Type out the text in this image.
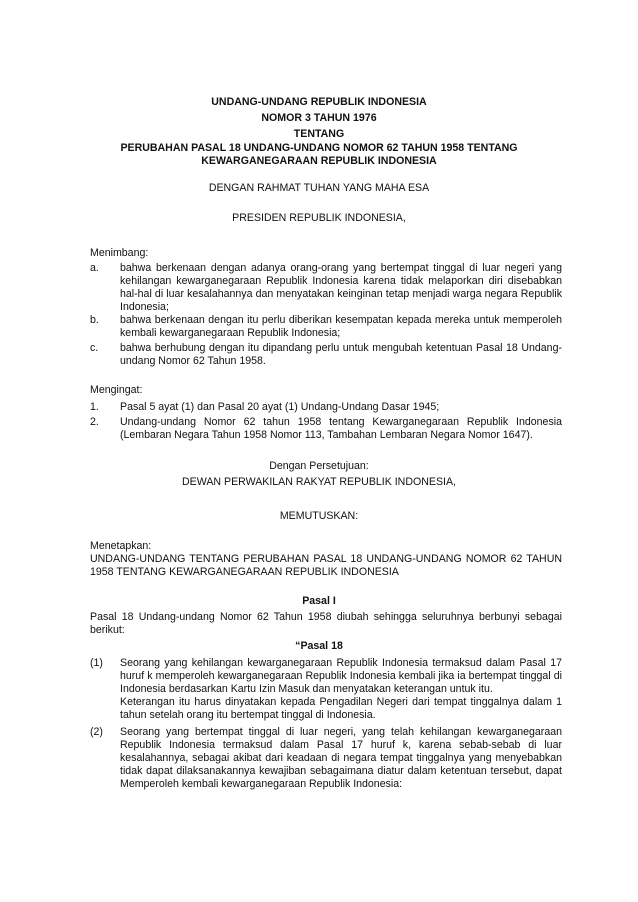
UNDANG-UNDANG REPUBLIK INDONESIA
NOMOR 3 TAHUN 1976
TENTANG
PERUBAHAN PASAL 18 UNDANG-UNDANG NOMOR 62 TAHUN 1958 TENTANG
KEWARGANEGARAAN REPUBLIK INDONESIA
DENGAN RAHMAT TUHAN YANG MAHA ESA
PRESIDEN REPUBLIK INDONESIA,
Menimbang:
a. bahwa berkenaan dengan adanya orang-orang yang bertempat tinggal di luar negeri yang kehilangan kewarganegaraan Republik Indonesia karena tidak melaporkan diri disebabkan hal-hal di luar kesalahannya dan menyatakan keinginan tetap menjadi warga negara Republik Indonesia;
b. bahwa berkenaan dengan itu perlu diberikan kesempatan kepada mereka untuk memperoleh kembali kewarganegaraan Republik Indonesia;
c. bahwa berhubung dengan itu dipandang perlu untuk mengubah ketentuan Pasal 18 Undang-undang Nomor 62 Tahun 1958.
Mengingat:
1. Pasal 5 ayat (1) dan Pasal 20 ayat (1) Undang-Undang Dasar 1945;
2. Undang-undang Nomor 62 tahun 1958 tentang Kewarganegaraan Republik Indonesia (Lembaran Negara Tahun 1958 Nomor 113, Tambahan Lembaran Negara Nomor 1647).
Dengan Persetujuan:
DEWAN PERWAKILAN RAKYAT REPUBLIK INDONESIA,
MEMUTUSKAN:
Menetapkan:
UNDANG-UNDANG TENTANG PERUBAHAN PASAL 18 UNDANG-UNDANG NOMOR 62 TAHUN 1958 TENTANG KEWARGANEGARAAN REPUBLIK INDONESIA
Pasal I
Pasal 18 Undang-undang Nomor 62 Tahun 1958 diubah sehingga seluruhnya berbunyi sebagai berikut:
“Pasal 18
(1) Seorang yang kehilangan kewarganegaraan Republik Indonesia termaksud dalam Pasal 17 huruf k memperoleh kewarganegaraan Republik Indonesia kembali jika ia bertempat tinggal di Indonesia berdasarkan Kartu Izin Masuk dan menyatakan keterangan untuk itu.
Keterangan itu harus dinyatakan kepada Pengadilan Negeri dari tempat tinggalnya dalam 1 tahun setelah orang itu bertempat tinggal di Indonesia.
(2) Seorang yang bertempat tinggal di luar negeri, yang telah kehilangan kewarganegaraan Republik Indonesia termaksud dalam Pasal 17 huruf k, karena sebab-sebab di luar kesalahannya, sebagai akibat dari keadaan di negara tempat tinggalnya yang menyebabkan tidak dapat dilaksanakannya kewajiban sebagaimana diatur dalam ketentuan tersebut, dapat Memperoleh kembali kewarganegaraan Republik Indonesia:
